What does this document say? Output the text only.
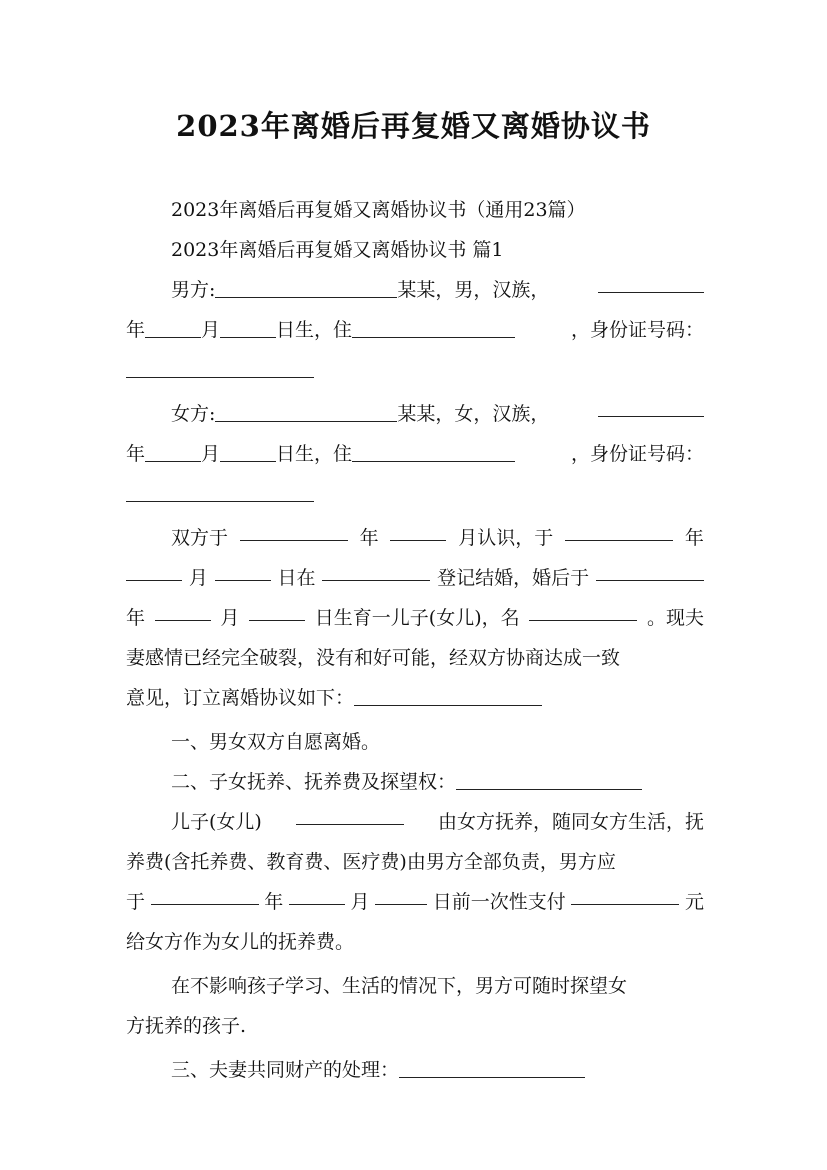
2023年离婚后再复婚又离婚协议书
2023年离婚后再复婚又离婚协议书（通用23篇）
2023年离婚后再复婚又离婚协议书 篇1
男方:	某某，男，汉族，
年	月	日生，住	，身份证号码：
女方:	某某，女，汉族，
年	月	日生，住	，身份证号码：
双方于	年	月认识，于	年
月	日在	登记结婚，婚后于
年	月	日生育一儿子(女儿)，名	。现夫
妻感情已经完全破裂，没有和好可能，经双方协商达成一致
意见，订立离婚协议如下：
一、男女双方自愿离婚。
二、子女抚养、抚养费及探望权：
儿子(女儿)	由女方抚养，随同女方生活，抚
养费(含托养费、教育费、医疗费)由男方全部负责，男方应
于	年	月	日前一次性支付	元
给女方作为女儿的抚养费。
在不影响孩子学习、生活的情况下，男方可随时探望女
方抚养的孩子.
三、夫妻共同财产的处理：
